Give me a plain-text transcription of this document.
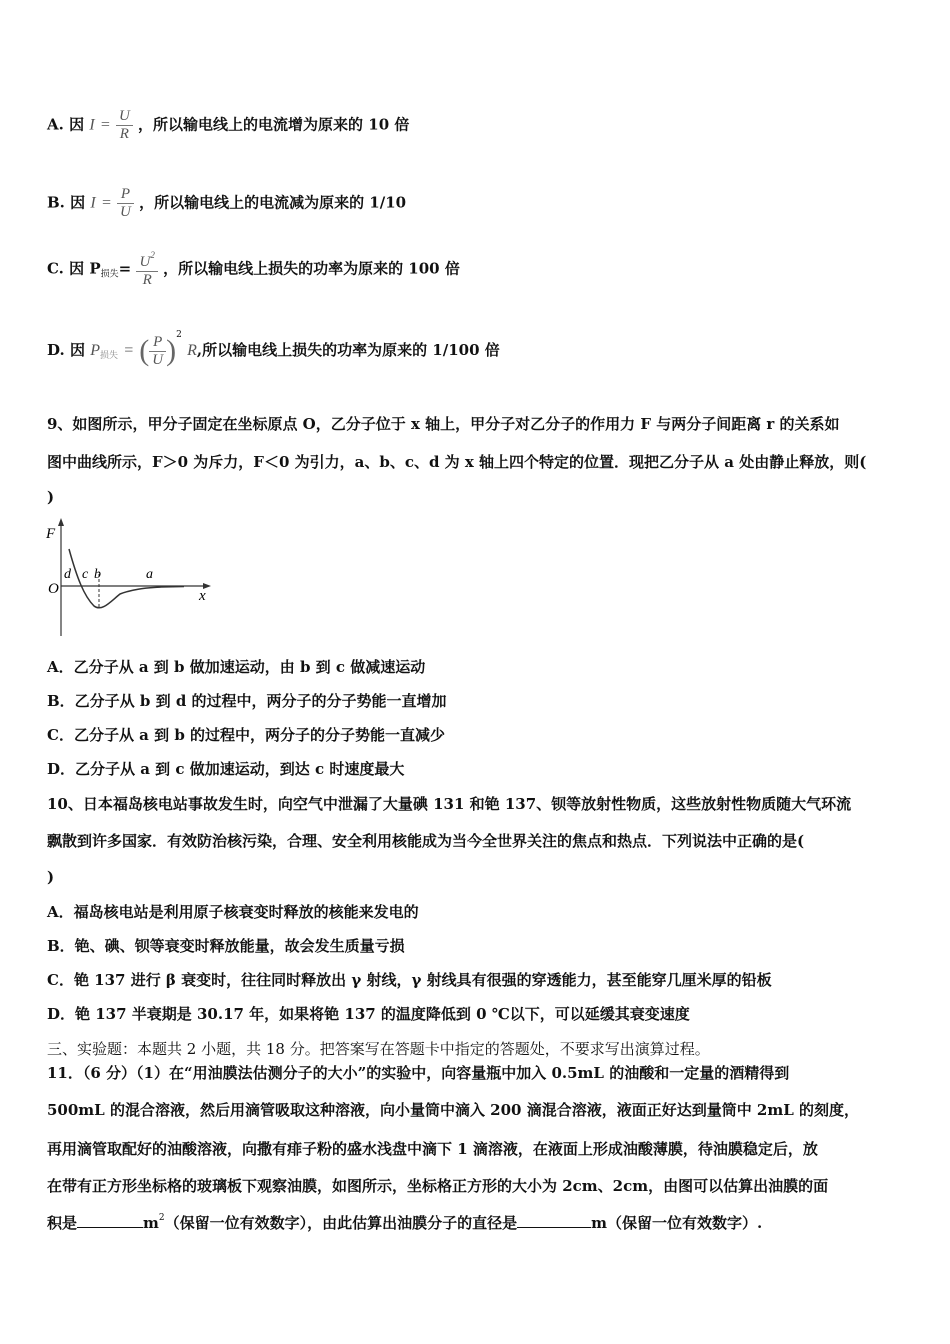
A. 因 $I = \frac{U}{R}$ ，所以输电线上的电流增为原来的 10 倍
B. 因 $I = \frac{P}{U}$ ，所以输电线上的电流减为原来的 1/10
C. 因 $P_{损失}= \frac{U^2}{R}$ ，所以输电线上损失的功率为原来的 100 倍
D. 因 $P_{损失}$ = ( $\frac{P}{U} )^2$ R,所以输电线上损失的功率为原来的 1/100 倍
9、如图所示，甲分子固定在坐标原点 O，乙分子位于 x 轴上，甲分子对乙分子的作用力 F 与两分子间距离 r 的关系如
图中曲线所示，F＞0 为斥力，F＜0 为引力，a、b、c、d 为 x 轴上四个特定的位置．现把乙分子从 a 处由静止释放，则(
)
F
O	x
d c b	a
A．乙分子从 a 到 b 做加速运动，由 b 到 c 做减速运动
B．乙分子从 b 到 d 的过程中，两分子的分子势能一直增加
C．乙分子从 a 到 b 的过程中，两分子的分子势能一直减少
D．乙分子从 a 到 c 做加速运动，到达 c 时速度最大
10、日本福岛核电站事故发生时，向空气中泄漏了大量碘 131 和铯 137、钡等放射性物质，这些放射性物质随大气环流
飘散到许多国家．有效防治核污染，合理、安全利用核能成为当今全世界关注的焦点和热点．下列说法中正确的是(
)
A．福岛核电站是利用原子核衰变时释放的核能来发电的
B．铯、碘、钡等衰变时释放能量，故会发生质量亏损
C．铯 137 进行 β 衰变时，往往同时释放出 γ 射线，γ 射线具有很强的穿透能力，甚至能穿几厘米厚的铅板
D．铯 137 半衰期是 30.17 年，如果将铯 137 的温度降低到 0 ℃以下，可以延缓其衰变速度
三、实验题：本题共 2 小题，共 18 分。把答案写在答题卡中指定的答题处，不要求写出演算过程。
11．（6 分）（1）在“用油膜法估测分子的大小”的实验中，向容量瓶中加入 0.5mL 的油酸和一定量的酒精得到
500mL 的混合溶液，然后用滴管吸取这种溶液，向小量筒中滴入 200 滴混合溶液，液面正好达到量筒中 2mL 的刻度，
再用滴管取配好的油酸溶液，向撒有痱子粉的盛水浅盘中滴下 1 滴溶液，在液面上形成油酸薄膜，待油膜稳定后，放
在带有正方形坐标格的玻璃板下观察油膜，如图所示，坐标格正方形的大小为 2cm、2cm，由图可以估算出油膜的面
积是	$m^2$（保留一位有效数字），由此估算出油膜分子的直径是	m（保留一位有效数字）.
